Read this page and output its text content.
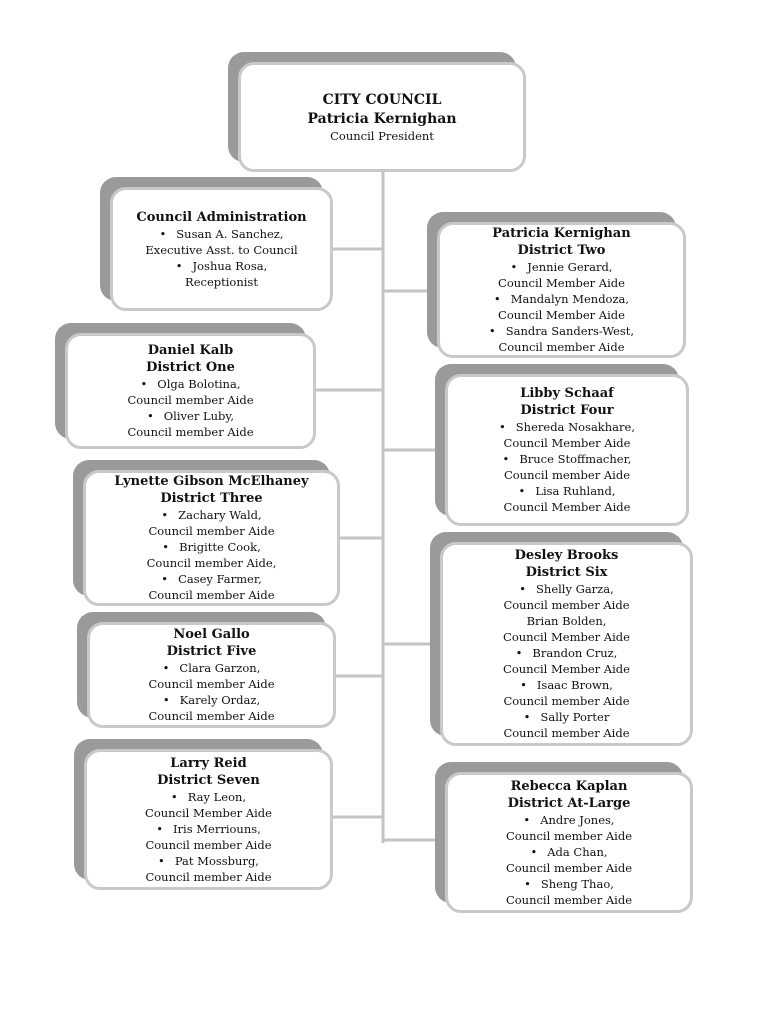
CITY COUNCIL
Patricia Kernighan
Council President
Council Administration
• Susan A. Sanchez,
Executive Asst. to Council
• Joshua Rosa,
Receptionist
Daniel Kalb
District One
• Olga Bolotina,
Council member Aide
• Oliver Luby,
Council member Aide
Lynette Gibson McElhaney
District Three
• Zachary Wald,
Council member Aide
• Brigitte Cook,
Council member Aide,
• Casey Farmer,
Council member Aide
Noel Gallo
District Five
• Clara Garzon,
Council member Aide
• Karely Ordaz,
Council member Aide
Larry Reid
District Seven
• Ray Leon,
Council Member Aide
• Iris Merriouns,
Council member Aide
• Pat Mossburg,
Council member Aide
Patricia Kernighan
District Two
• Jennie Gerard,
Council Member Aide
• Mandalyn Mendoza,
Council Member Aide
• Sandra Sanders-West,
Council member Aide
Libby Schaaf
District Four
• Shereda Nosakhare,
Council Member Aide
• Bruce Stoffmacher,
Council member Aide
• Lisa Ruhland,
Council Member Aide
Desley Brooks
District Six
• Shelly Garza,
Council member Aide
Brian Bolden,
Council Member Aide
• Brandon Cruz,
Council Member Aide
• Isaac Brown,
Council member Aide
• Sally Porter
Council member Aide
Rebecca Kaplan
District At-Large
• Andre Jones,
Council member Aide
• Ada Chan,
Council member Aide
• Sheng Thao,
Council member Aide
